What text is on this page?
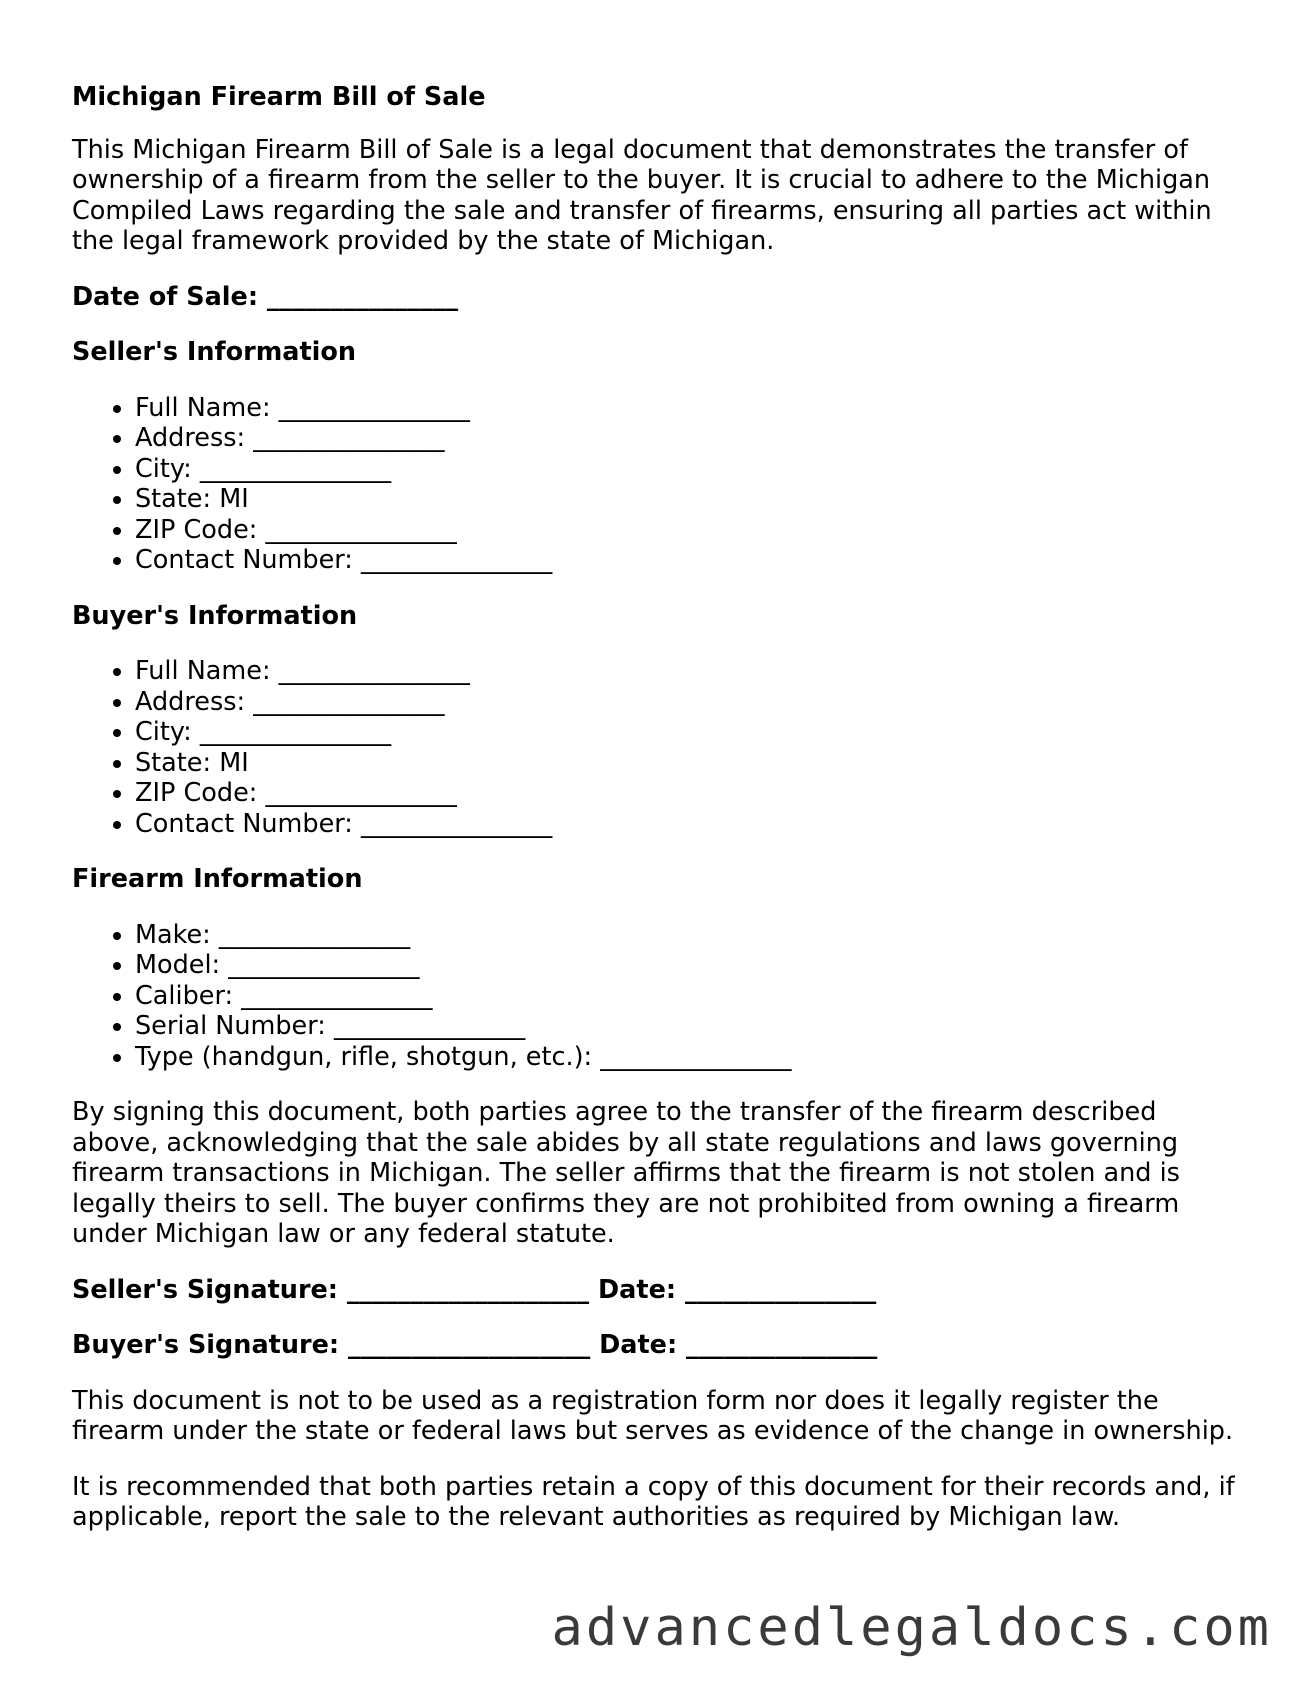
Michigan Firearm Bill of Sale

This Michigan Firearm Bill of Sale is a legal document that demonstrates the transfer of ownership of a firearm from the seller to the buyer. It is crucial to adhere to the Michigan Compiled Laws regarding the sale and transfer of firearms, ensuring all parties act within the legal framework provided by the state of Michigan.

Date of Sale: _______________
Seller's Information
• Full Name: _______________
• Address: _______________
• City: _______________
• State: MI
• ZIP Code: _______________
• Contact Number: _______________
Buyer's Information
• Full Name: _______________
• Address: _______________
• City: _______________
• State: MI
• ZIP Code: _______________
• Contact Number: _______________
Firearm Information
• Make: _______________
• Model: _______________
• Caliber: _______________
• Serial Number: _______________
• Type (handgun, rifle, shotgun, etc.): _______________

By signing this document, both parties agree to the transfer of the firearm described above, acknowledging that the sale abides by all state regulations and laws governing firearm transactions in Michigan. The seller affirms that the firearm is not stolen and is legally theirs to sell. The buyer confirms they are not prohibited from owning a firearm under Michigan law or any federal statute.

Seller's Signature: ___________________ Date: _______________
Buyer's Signature: ___________________ Date: _______________

This document is not to be used as a registration form nor does it legally register the firearm under the state or federal laws but serves as evidence of the change in ownership.

It is recommended that both parties retain a copy of this document for their records and, if applicable, report the sale to the relevant authorities as required by Michigan law.

advancedlegaldocs.com
